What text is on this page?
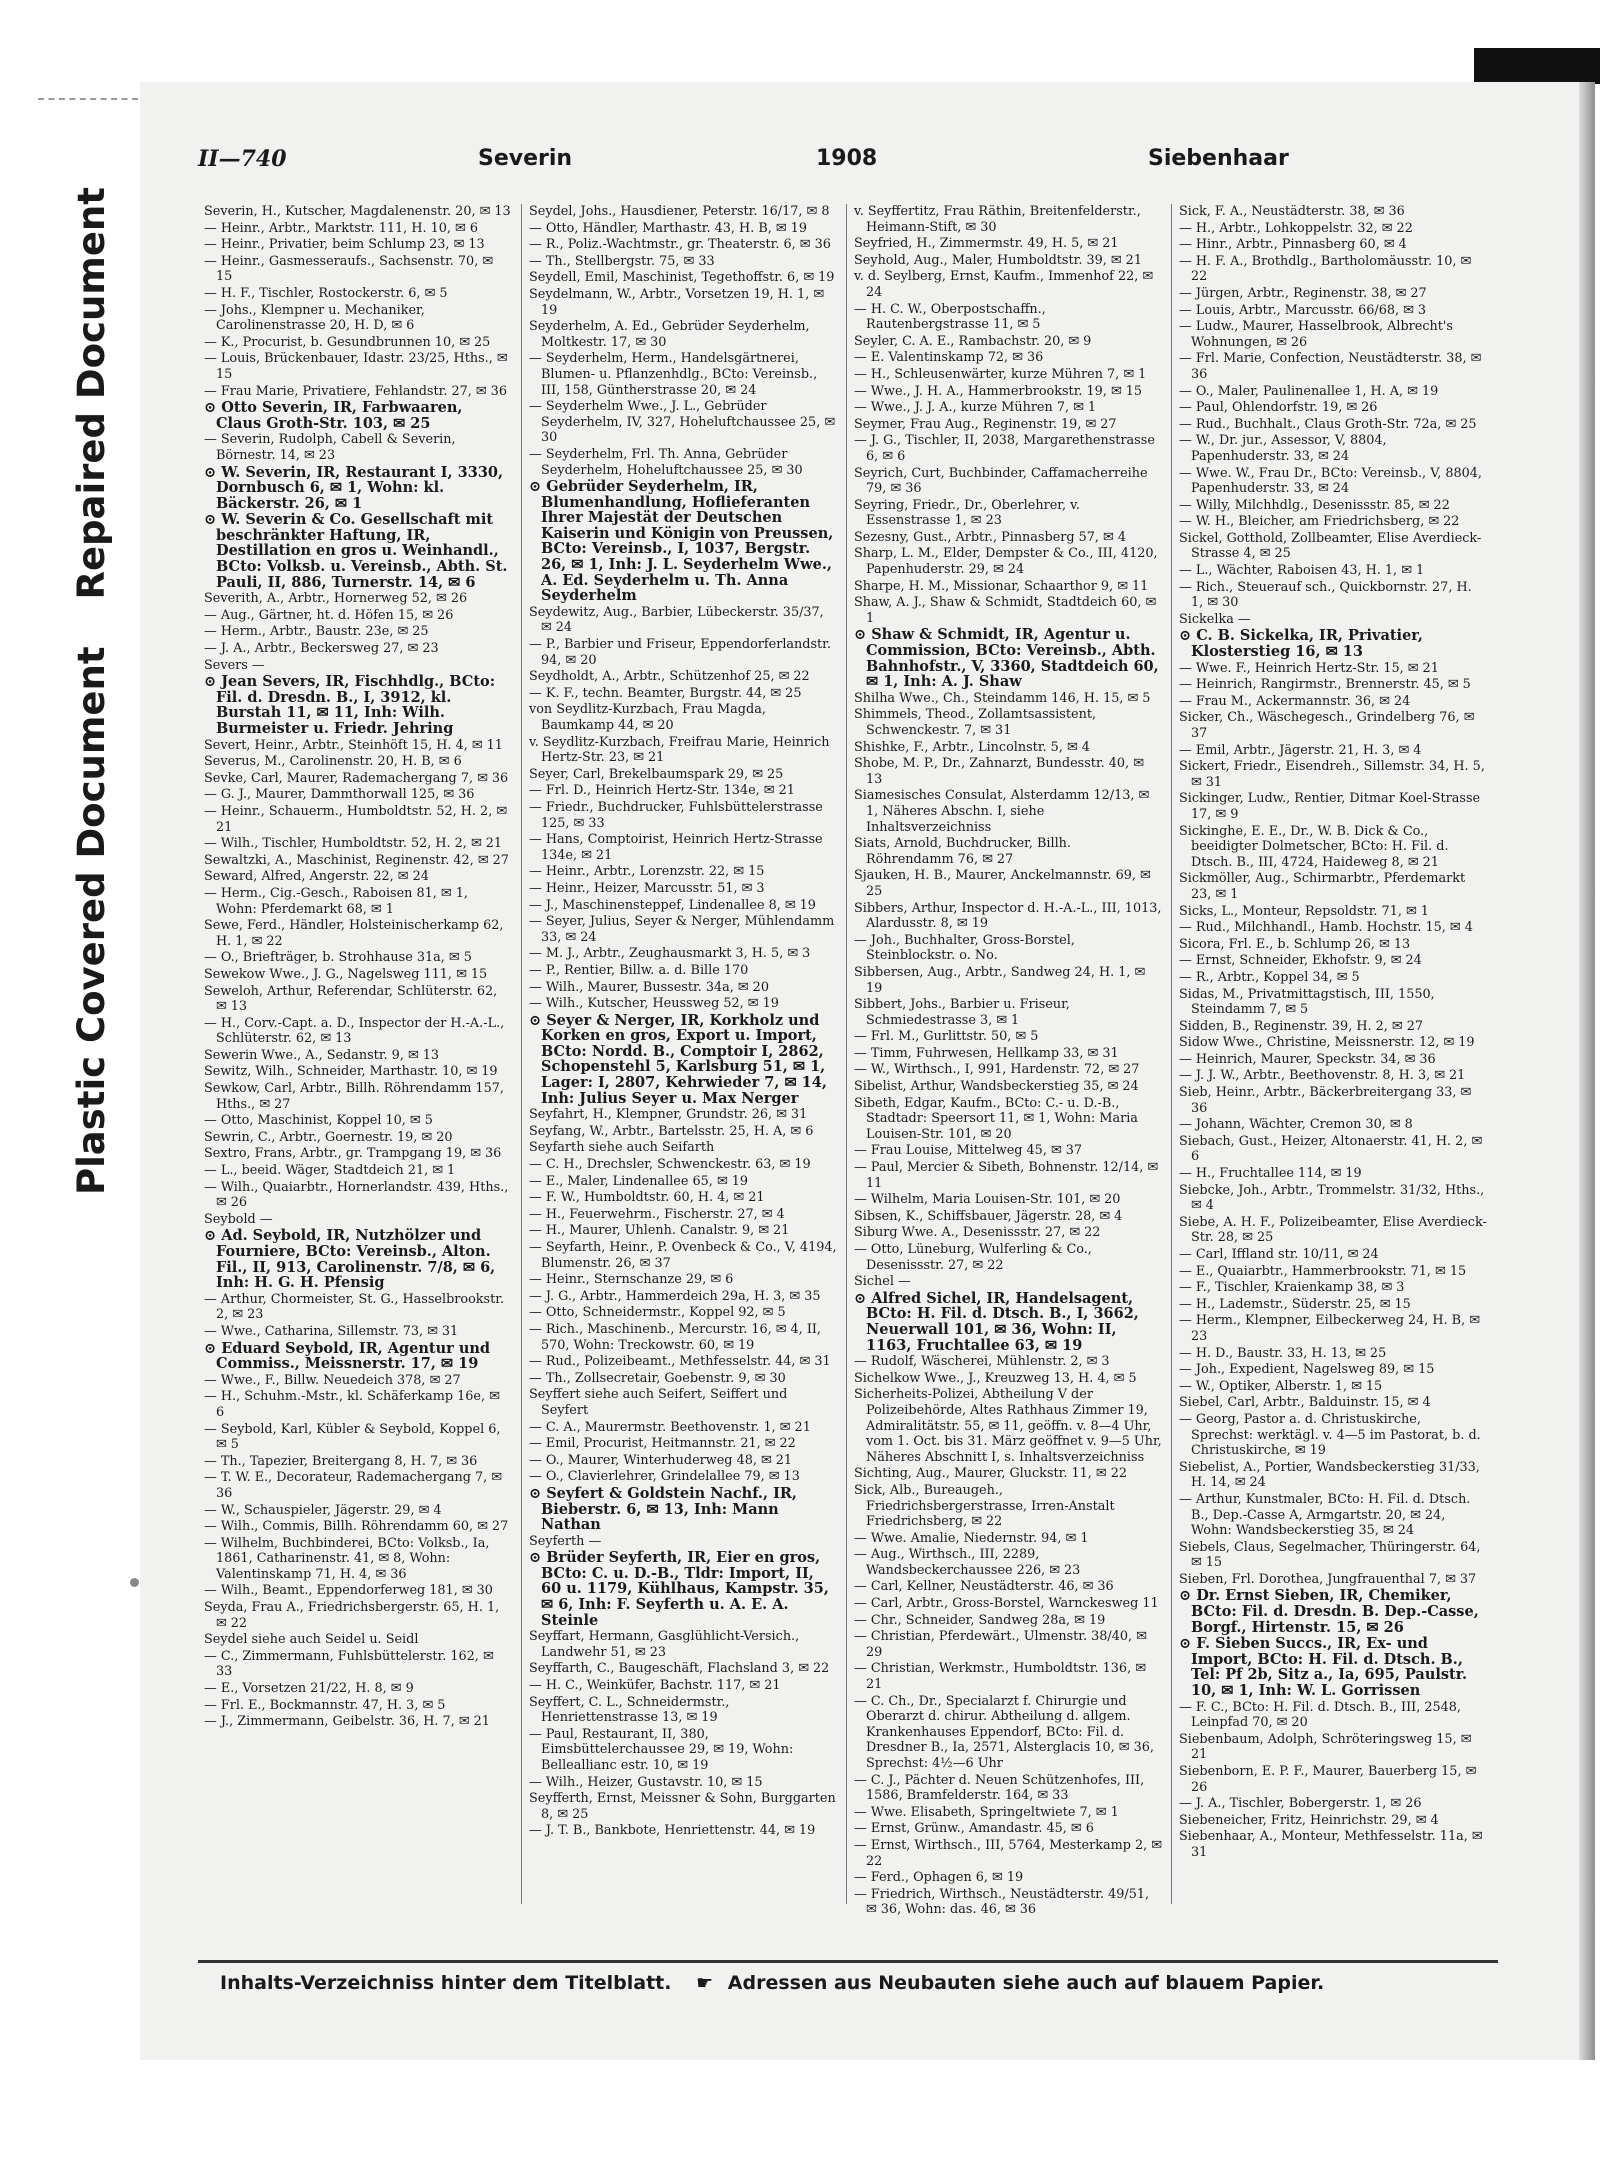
Plastic Covered Document Repaired Document
II—740	Severin	1908	Siebenhaar
Severin, H., Kutscher, Magdalenenstr. 20, ✉ 13
— Heinr., Arbtr., Marktstr. 111, H. 10, ✉ 6
— Heinr., Privatier, beim Schlump 23, ✉ 13
— Heinr., Gasmesseraufs., Sachsenstr. 70, ✉ 15
— H. F., Tischler, Rostockerstr. 6, ✉ 5
— Johs., Klempner u. Mechaniker, Carolinenstrasse 20, H. D, ✉ 6
— K., Procurist, b. Gesundbrunnen 10, ✉ 25
— Louis, Brückenbauer, Idastr. 23/25, Hths., ✉ 15
— Frau Marie, Privatiere, Fehlandstr. 27, ✉ 36
⊙ Otto Severin, IR, Farbwaaren, Claus Groth-Str. 103, ✉ 25
— Severin, Rudolph, Cabell & Severin, Börnestr. 14, ✉ 23
⊙ W. Severin, IR, Restaurant I, 3330, Dornbusch 6, ✉ 1, Wohn: kl. Bäckerstr. 26, ✉ 1
⊙ W. Severin & Co. Gesellschaft mit beschränkter Haftung, IR, Destillation en gros u. Weinhandl., BCto: Volksb. u. Vereinsb., Abth. St. Pauli, II, 886, Turnerstr. 14, ✉ 6
Severith, A., Arbtr., Hornerweg 52, ✉ 26
— Aug., Gärtner, ht. d. Höfen 15, ✉ 26
— Herm., Arbtr., Baustr. 23e, ✉ 25
— J. A., Arbtr., Beckersweg 27, ✉ 23
Severs —
⊙ Jean Severs, IR, Fischhdlg., BCto: Fil. d. Dresdn. B., I, 3912, kl. Burstah 11, ✉ 11, Inh: Wilh. Burmeister u. Friedr. Jehring
Severt, Heinr., Arbtr., Steinhöft 15, H. 4, ✉ 11
Severus, M., Carolinenstr. 20, H. B, ✉ 6
Sevke, Carl, Maurer, Rademachergang 7, ✉ 36
— G. J., Maurer, Dammthorwall 125, ✉ 36
— Heinr., Schauerm., Humboldtstr. 52, H. 2, ✉ 21
— Wilh., Tischler, Humboldtstr. 52, H. 2, ✉ 21
Sewaltzki, A., Maschinist, Reginenstr. 42, ✉ 27
Seward, Alfred, Angerstr. 22, ✉ 24
— Herm., Cig.-Gesch., Raboisen 81, ✉ 1, Wohn: Pferdemarkt 68, ✉ 1
Sewe, Ferd., Händler, Holsteinischerkamp 62, H. 1, ✉ 22
— O., Briefträger, b. Strohhause 31a, ✉ 5
Sewekow Wwe., J. G., Nagelsweg 111, ✉ 15
Seweloh, Arthur, Referendar, Schlüterstr. 62, ✉ 13
— H., Corv.-Capt. a. D., Inspector der H.-A.-L., Schlüterstr. 62, ✉ 13
Sewerin Wwe., A., Sedanstr. 9, ✉ 13
Sewitz, Wilh., Schneider, Marthastr. 10, ✉ 19
Sewkow, Carl, Arbtr., Billh. Röhrendamm 157, Hths., ✉ 27
— Otto, Maschinist, Koppel 10, ✉ 5
Sewrin, C., Arbtr., Goernestr. 19, ✉ 20
Sextro, Frans, Arbtr., gr. Trampgang 19, ✉ 36
— L., beeid. Wäger, Stadtdeich 21, ✉ 1
— Wilh., Quaiarbtr., Hornerlandstr. 439, Hths., ✉ 26
Seybold —
⊙ Ad. Seybold, IR, Nutzhölzer und Fourniere, BCto: Vereinsb., Alton. Fil., II, 913, Carolinenstr. 7/8, ✉ 6, Inh: H. G. H. Pfensig
— Arthur, Chormeister, St. G., Hasselbrookstr. 2, ✉ 23
— Wwe., Catharina, Sillemstr. 73, ✉ 31
⊙ Eduard Seybold, IR, Agentur und Commiss., Meissnerstr. 17, ✉ 19
— Wwe., F., Billw. Neuedeich 378, ✉ 27
— H., Schuhm.-Mstr., kl. Schäferkamp 16e, ✉ 6
— Seybold, Karl, Kübler & Seybold, Koppel 6, ✉ 5
— Th., Tapezier, Breitergang 8, H. 7, ✉ 36
— T. W. E., Decorateur, Rademachergang 7, ✉ 36
— W., Schauspieler, Jägerstr. 29, ✉ 4
— Wilh., Commis, Billh. Röhrendamm 60, ✉ 27
— Wilhelm, Buchbinderei, BCto: Volksb., Ia, 1861, Catharinenstr. 41, ✉ 8, Wohn: Valentinskamp 71, H. 4, ✉ 36
— Wilh., Beamt., Eppendorferweg 181, ✉ 30
Seyda, Frau A., Friedrichsbergerstr. 65, H. 1, ✉ 22
Seydel siehe auch Seidel u. Seidl
— C., Zimmermann, Fuhlsbüttelerstr. 162, ✉ 33
— E., Vorsetzen 21/22, H. 8, ✉ 9
— Frl. E., Bockmannstr. 47, H. 3, ✉ 5
— J., Zimmermann, Geibelstr. 36, H. 7, ✉ 21
Seydel, Johs., Hausdiener, Peterstr. 16/17, ✉ 8
— Otto, Händler, Marthastr. 43, H. B, ✉ 19
— R., Poliz.-Wachtmstr., gr. Theaterstr. 6, ✉ 36
— Th., Stellbergstr. 75, ✉ 33
Seydell, Emil, Maschinist, Tegethoffstr. 6, ✉ 19
Seydelmann, W., Arbtr., Vorsetzen 19, H. 1, ✉ 19
Seyderhelm, A. Ed., Gebrüder Seyderhelm, Moltkestr. 17, ✉ 30
— Seyderhelm, Herm., Handelsgärtnerei, Blumen- u. Pflanzenhdlg., BCto: Vereinsb., III, 158, Güntherstrasse 20, ✉ 24
— Seyderhelm Wwe., J. L., Gebrüder Seyderhelm, IV, 327, Hoheluftchaussee 25, ✉ 30
— Seyderhelm, Frl. Th. Anna, Gebrüder Seyderhelm, Hoheluftchaussee 25, ✉ 30
⊙ Gebrüder Seyderhelm, IR, Blumenhandlung, Hoflieferanten Ihrer Majestät der Deutschen Kaiserin und Königin von Preussen, BCto: Vereinsb., I, 1037, Bergstr. 26, ✉ 1, Inh: J. L. Seyderhelm Wwe., A. Ed. Seyderhelm u. Th. Anna Seyderhelm
Seydewitz, Aug., Barbier, Lübeckerstr. 35/37, ✉ 24
— P., Barbier und Friseur, Eppendorferlandstr. 94, ✉ 20
Seydholdt, A., Arbtr., Schützenhof 25, ✉ 22
— K. F., techn. Beamter, Burgstr. 44, ✉ 25
von Seydlitz-Kurzbach, Frau Magda, Baumkamp 44, ✉ 20
v. Seydlitz-Kurzbach, Freifrau Marie, Heinrich Hertz-Str. 23, ✉ 21
Seyer, Carl, Brekelbaumspark 29, ✉ 25
— Frl. D., Heinrich Hertz-Str. 134e, ✉ 21
— Friedr., Buchdrucker, Fuhlsbüttelerstrasse 125, ✉ 33
— Hans, Comptoirist, Heinrich Hertz-Strasse 134e, ✉ 21
— Heinr., Arbtr., Lorenzstr. 22, ✉ 15
— Heinr., Heizer, Marcusstr. 51, ✉ 3
— J., Maschinensteppef, Lindenallee 8, ✉ 19
— Seyer, Julius, Seyer & Nerger, Mühlendamm 33, ✉ 24
— M. J., Arbtr., Zeughausmarkt 3, H. 5, ✉ 3
— P., Rentier, Billw. a. d. Bille 170
— Wilh., Maurer, Bussestr. 34a, ✉ 20
— Wilh., Kutscher, Heussweg 52, ✉ 19
⊙ Seyer & Nerger, IR, Korkholz und Korken en gros, Export u. Import, BCto: Nordd. B., Comptoir I, 2862, Schopenstehl 5, Karlsburg 51, ✉ 1, Lager: I, 2807, Kehrwieder 7, ✉ 14, Inh: Julius Seyer u. Max Nerger
Seyfahrt, H., Klempner, Grundstr. 26, ✉ 31
Seyfang, W., Arbtr., Bartelsstr. 25, H. A, ✉ 6
Seyfarth siehe auch Seifarth
— C. H., Drechsler, Schwenckestr. 63, ✉ 19
— E., Maler, Lindenallee 65, ✉ 19
— F. W., Humboldtstr. 60, H. 4, ✉ 21
— H., Feuerwehrm., Fischerstr. 27, ✉ 4
— H., Maurer, Uhlenh. Canalstr. 9, ✉ 21
— Seyfarth, Heinr., P. Ovenbeck & Co., V, 4194, Blumenstr. 26, ✉ 37
— Heinr., Sternschanze 29, ✉ 6
— J. G., Arbtr., Hammerdeich 29a, H. 3, ✉ 35
— Otto, Schneidermstr., Koppel 92, ✉ 5
— Rich., Maschinenb., Mercurstr. 16, ✉ 4, II, 570, Wohn: Treckowstr. 60, ✉ 19
— Rud., Polizeibeamt., Methfesselstr. 44, ✉ 31
— Th., Zollsecretair, Goebenstr. 9, ✉ 30
Seyffert siehe auch Seifert, Seiffert und Seyfert
— C. A., Maurermstr. Beethovenstr. 1, ✉ 21
— Emil, Procurist, Heitmannstr. 21, ✉ 22
— O., Maurer, Winterhuderweg 48, ✉ 21
— O., Clavierlehrer, Grindelallee 79, ✉ 13
⊙ Seyfert & Goldstein Nachf., IR, Bieberstr. 6, ✉ 13, Inh: Mann Nathan
Seyferth —
⊙ Brüder Seyferth, IR, Eier en gros, BCto: C. u. D.-B., Tldr: Import, II, 60 u. 1179, Kühlhaus, Kampstr. 35, ✉ 6, Inh: F. Seyferth u. A. E. A. Steinle
Seyffart, Hermann, Gasglühlicht-Versich., Landwehr 51, ✉ 23
Seyffarth, C., Baugeschäft, Flachsland 3, ✉ 22
— H. C., Weinküfer, Bachstr. 117, ✉ 21
Seyffert, C. L., Schneidermstr., Henriettenstrasse 13, ✉ 19
— Paul, Restaurant, II, 380, Eimsbüttelerchaussee 29, ✉ 19, Wohn: Belleallianc estr. 10, ✉ 19
— Wilh., Heizer, Gustavstr. 10, ✉ 15
Seyfferth, Ernst, Meissner & Sohn, Burggarten 8, ✉ 25
— J. T. B., Bankbote, Henriettenstr. 44, ✉ 19
v. Seyffertitz, Frau Räthin, Breitenfelderstr., Heimann-Stift, ✉ 30
Seyfried, H., Zimmermstr. 49, H. 5, ✉ 21
Seyhold, Aug., Maler, Humboldtstr. 39, ✉ 21
v. d. Seylberg, Ernst, Kaufm., Immenhof 22, ✉ 24
— H. C. W., Oberpostschaffn., Rautenbergstrasse 11, ✉ 5
Seyler, C. A. E., Rambachstr. 20, ✉ 9
— E. Valentinskamp 72, ✉ 36
— H., Schleusenwärter, kurze Mühren 7, ✉ 1
— Wwe., J. H. A., Hammerbrookstr. 19, ✉ 15
— Wwe., J. J. A., kurze Mühren 7, ✉ 1
Seymer, Frau Aug., Reginenstr. 19, ✉ 27
— J. G., Tischler, II, 2038, Margarethenstrasse 6, ✉ 6
Seyrich, Curt, Buchbinder, Caffamacherreihe 79, ✉ 36
Seyring, Friedr., Dr., Oberlehrer, v. Essenstrasse 1, ✉ 23
Sezesny, Gust., Arbtr., Pinnasberg 57, ✉ 4
Sharp, L. M., Elder, Dempster & Co., III, 4120, Papenhuderstr. 29, ✉ 24
Sharpe, H. M., Missionar, Schaarthor 9, ✉ 11
Shaw, A. J., Shaw & Schmidt, Stadtdeich 60, ✉ 1
⊙ Shaw & Schmidt, IR, Agentur u. Commission, BCto: Vereinsb., Abth. Bahnhofstr., V, 3360, Stadtdeich 60, ✉ 1, Inh: A. J. Shaw
Shilha Wwe., Ch., Steindamm 146, H. 15, ✉ 5
Shimmels, Theod., Zollamtsassistent, Schwenckestr. 7, ✉ 31
Shishke, F., Arbtr., Lincolnstr. 5, ✉ 4
Shobe, M. P., Dr., Zahnarzt, Bundesstr. 40, ✉ 13
Siamesisches Consulat, Alsterdamm 12/13, ✉ 1, Näheres Abschn. I, siehe Inhaltsverzeichniss
Siats, Arnold, Buchdrucker, Billh. Röhrendamm 76, ✉ 27
Sjauken, H. B., Maurer, Anckelmannstr. 69, ✉ 25
Sibbers, Arthur, Inspector d. H.-A.-L., III, 1013, Alardusstr. 8, ✉ 19
— Joh., Buchhalter, Gross-Borstel, Steinblockstr. o. No.
Sibbersen, Aug., Arbtr., Sandweg 24, H. 1, ✉ 19
Sibbert, Johs., Barbier u. Friseur, Schmiedestrasse 3, ✉ 1
— Frl. M., Gurlittstr. 50, ✉ 5
— Timm, Fuhrwesen, Hellkamp 33, ✉ 31
— W., Wirthsch., I, 991, Hardenstr. 72, ✉ 27
Sibelist, Arthur, Wandsbeckerstieg 35, ✉ 24
Sibeth, Edgar, Kaufm., BCto: C.- u. D.-B., Stadtadr: Speersort 11, ✉ 1, Wohn: Maria Louisen-Str. 101, ✉ 20
— Frau Louise, Mittelweg 45, ✉ 37
— Paul, Mercier & Sibeth, Bohnenstr. 12/14, ✉ 11
— Wilhelm, Maria Louisen-Str. 101, ✉ 20
Sibsen, K., Schiffsbauer, Jägerstr. 28, ✉ 4
Siburg Wwe. A., Desenissstr. 27, ✉ 22
— Otto, Lüneburg, Wulferling & Co., Desenissstr. 27, ✉ 22
Sichel —
⊙ Alfred Sichel, IR, Handelsagent, BCto: H. Fil. d. Dtsch. B., I, 3662, Neuerwall 101, ✉ 36, Wohn: II, 1163, Fruchtallee 63, ✉ 19
— Rudolf, Wäscherei, Mühlenstr. 2, ✉ 3
Sichelkow Wwe., J., Kreuzweg 13, H. 4, ✉ 5
Sicherheits-Polizei, Abtheilung V der Polizeibehörde, Altes Rathhaus Zimmer 19, Admiralitätstr. 55, ✉ 11, geöffn. v. 8—4 Uhr, vom 1. Oct. bis 31. März geöffnet v. 9—5 Uhr, Näheres Abschnitt I, s. Inhaltsverzeichniss
Sichting, Aug., Maurer, Gluckstr. 11, ✉ 22
Sick, Alb., Bureaugeh., Friedrichsbergerstrasse, Irren-Anstalt Friedrichsberg, ✉ 22
— Wwe. Amalie, Niedernstr. 94, ✉ 1
— Aug., Wirthsch., III, 2289, Wandsbeckerchaussee 226, ✉ 23
— Carl, Kellner, Neustädterstr. 46, ✉ 36
— Carl, Arbtr., Gross-Borstel, Warnckesweg 11
— Chr., Schneider, Sandweg 28a, ✉ 19
— Christian, Pferdewärt., Ulmenstr. 38/40, ✉ 29
— Christian, Werkmstr., Humboldtstr. 136, ✉ 21
— C. Ch., Dr., Specialarzt f. Chirurgie und Oberarzt d. chirur. Abtheilung d. allgem. Krankenhauses Eppendorf, BCto: Fil. d. Dresdner B., Ia, 2571, Alsterglacis 10, ✉ 36, Sprechst: 4½—6 Uhr
— C. J., Pächter d. Neuen Schützenhofes, III, 1586, Bramfelderstr. 164, ✉ 33
— Wwe. Elisabeth, Springeltwiete 7, ✉ 1
— Ernst, Grünw., Amandastr. 45, ✉ 6
— Ernst, Wirthsch., III, 5764, Mesterkamp 2, ✉ 22
— Ferd., Ophagen 6, ✉ 19
— Friedrich, Wirthsch., Neustädterstr. 49/51, ✉ 36, Wohn: das. 46, ✉ 36
Sick, F. A., Neustädterstr. 38, ✉ 36
— H., Arbtr., Lohkoppelstr. 32, ✉ 22
— Hinr., Arbtr., Pinnasberg 60, ✉ 4
— H. F. A., Brothdlg., Bartholomäusstr. 10, ✉ 22
— Jürgen, Arbtr., Reginenstr. 38, ✉ 27
— Louis, Arbtr., Marcusstr. 66/68, ✉ 3
— Ludw., Maurer, Hasselbrook, Albrecht's Wohnungen, ✉ 26
— Frl. Marie, Confection, Neustädterstr. 38, ✉ 36
— O., Maler, Paulinenallee 1, H. A, ✉ 19
— Paul, Ohlendorfstr. 19, ✉ 26
— Rud., Buchhalt., Claus Groth-Str. 72a, ✉ 25
— W., Dr. jur., Assessor, V, 8804, Papenhuderstr. 33, ✉ 24
— Wwe. W., Frau Dr., BCto: Vereinsb., V, 8804, Papenhuderstr. 33, ✉ 24
— Willy, Milchhdlg., Desenissstr. 85, ✉ 22
— W. H., Bleicher, am Friedrichsberg, ✉ 22
Sickel, Gotthold, Zollbeamter, Elise Averdieck-Strasse 4, ✉ 25
— L., Wächter, Raboisen 43, H. 1, ✉ 1
— Rich., Steuerauf sch., Quickbornstr. 27, H. 1, ✉ 30
Sickelka —
⊙ C. B. Sickelka, IR, Privatier, Klosterstieg 16, ✉ 13
— Wwe. F., Heinrich Hertz-Str. 15, ✉ 21
— Heinrich, Rangirmstr., Brennerstr. 45, ✉ 5
— Frau M., Ackermannstr. 36, ✉ 24
Sicker, Ch., Wäschegesch., Grindelberg 76, ✉ 37
— Emil, Arbtr., Jägerstr. 21, H. 3, ✉ 4
Sickert, Friedr., Eisendreh., Sillemstr. 34, H. 5, ✉ 31
Sickinger, Ludw., Rentier, Ditmar Koel-Strasse 17, ✉ 9
Sickinghe, E. E., Dr., W. B. Dick & Co., beeidigter Dolmetscher, BCto: H. Fil. d. Dtsch. B., III, 4724, Haideweg 8, ✉ 21
Sickmöller, Aug., Schirmarbtr., Pferdemarkt 23, ✉ 1
Sicks, L., Monteur, Repsoldstr. 71, ✉ 1
— Rud., Milchhandl., Hamb. Hochstr. 15, ✉ 4
Sicora, Frl. E., b. Schlump 26, ✉ 13
— Ernst, Schneider, Ekhofstr. 9, ✉ 24
— R., Arbtr., Koppel 34, ✉ 5
Sidas, M., Privatmittagstisch, III, 1550, Steindamm 7, ✉ 5
Sidden, B., Reginenstr. 39, H. 2, ✉ 27
Sidow Wwe., Christine, Meissnerstr. 12, ✉ 19
— Heinrich, Maurer, Speckstr. 34, ✉ 36
— J. J. W., Arbtr., Beethovenstr. 8, H. 3, ✉ 21
Sieb, Heinr., Arbtr., Bäckerbreitergang 33, ✉ 36
— Johann, Wächter, Cremon 30, ✉ 8
Siebach, Gust., Heizer, Altonaerstr. 41, H. 2, ✉ 6
— H., Fruchtallee 114, ✉ 19
Siebcke, Joh., Arbtr., Trommelstr. 31/32, Hths., ✉ 4
Siebe, A. H. F., Polizeibeamter, Elise Averdieck-Str. 28, ✉ 25
— Carl, Iffland str. 10/11, ✉ 24
— E., Quaiarbtr., Hammerbrookstr. 71, ✉ 15
— F., Tischler, Kraienkamp 38, ✉ 3
— H., Lademstr., Süderstr. 25, ✉ 15
— Herm., Klempner, Eilbeckerweg 24, H. B, ✉ 23
— H. D., Baustr. 33, H. 13, ✉ 25
— Joh., Expedient, Nagelsweg 89, ✉ 15
— W., Optiker, Alberstr. 1, ✉ 15
Siebel, Carl, Arbtr., Balduinstr. 15, ✉ 4
— Georg, Pastor a. d. Christuskirche, Sprechst: werktägl. v. 4—5 im Pastorat, b. d. Christuskirche, ✉ 19
Siebelist, A., Portier, Wandsbeckerstieg 31/33, H. 14, ✉ 24
— Arthur, Kunstmaler, BCto: H. Fil. d. Dtsch. B., Dep.-Casse A, Armgartstr. 20, ✉ 24, Wohn: Wandsbeckerstieg 35, ✉ 24
Siebels, Claus, Segelmacher, Thüringerstr. 64, ✉ 15
Sieben, Frl. Dorothea, Jungfrauenthal 7, ✉ 37
⊙ Dr. Ernst Sieben, IR, Chemiker, BCto: Fil. d. Dresdn. B. Dep.-Casse, Borgf., Hirtenstr. 15, ✉ 26
⊙ F. Sieben Succs., IR, Ex- und Import, BCto: H. Fil. d. Dtsch. B., Tel: Pf 2b, Sitz a., Ia, 695, Paulstr. 10, ✉ 1, Inh: W. L. Gorrissen
— F. C., BCto: H. Fil. d. Dtsch. B., III, 2548, Leinpfad 70, ✉ 20
Siebenbaum, Adolph, Schröteringsweg 15, ✉ 21
Siebenborn, E. P. F., Maurer, Bauerberg 15, ✉ 26
— J. A., Tischler, Bobergerstr. 1, ✉ 26
Siebeneicher, Fritz, Heinrichstr. 29, ✉ 4
Siebenhaar, A., Monteur, Methfesselstr. 11a, ✉ 31
Inhalts-Verzeichniss hinter dem Titelblatt. ☛ Adressen aus Neubauten siehe auch auf blauem Papier.
